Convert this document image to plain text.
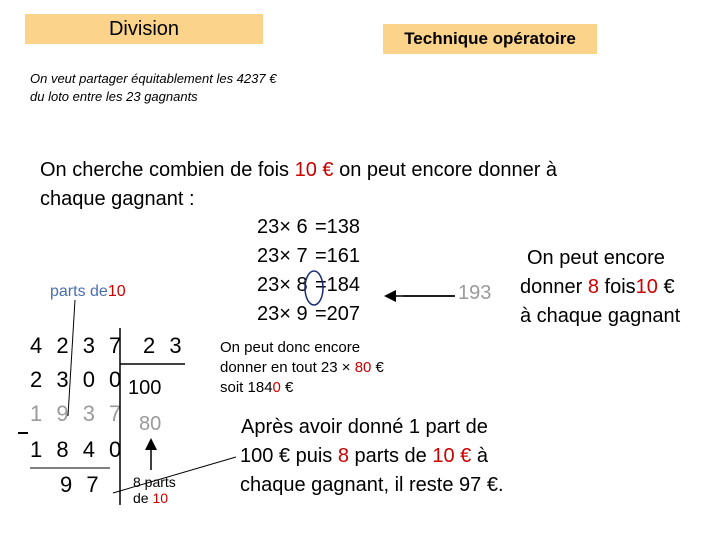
Division	Technique opératoire
On veut partager équitablement les 4237 €
du loto entre les 23 gagnants
On cherche combien de fois 10 € on peut encore donner à
chaque gagnant :
23× 6 =138
23× 7 =161
23× 8 =184
23× 9 =207
193
On peut encore
donner 8 fois10 €
à chaque gagnant
parts de10
4 2 3 7 2 3
2 3 0 0 100
1 9 3 7 80
1 8 4 0
9 7 8 parts
de 10
On peut donc encore
donner en tout 23 × 80 €
soit 1840 €
Après avoir donné 1 part de
100 € puis 8 parts de 10 € à
chaque gagnant, il reste 97 €.
